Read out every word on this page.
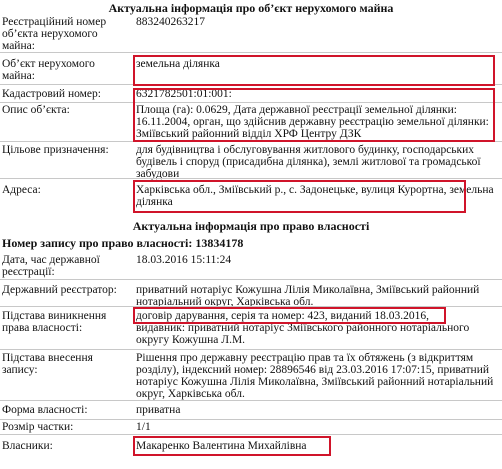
Актуальна інформація про об’єкт нерухомого майна
Реєстраційний номер об’єкта нерухомого майна:
883240263217
Об’єкт нерухомого майна:
земельна ділянка
Кадастровий номер:	6321782501:01:001:
Опис об’єкта:	Площа (га): 0.0629, Дата державної реєстрації земельної ділянки: 16.11.2004, орган, що здійснив державну реєстрацію земельної ділянки: Зміївський районний відділ ХРФ Центру ДЗК
Цільове призначення:	для будівництва і обслуговування житлового будинку, господарських будівель і споруд (присадибна ділянка), землі житлової та громадської забудови
Адреса:	Харківська обл., Зміївський р., с. Задонецьке, вулиця Курортна, земельна ділянка
Актуальна інформація про право власності
Номер запису про право власності: 13834178
Дата, час державної реєстрації:
18.03.2016 15:11:24
Державний реєстратор:	приватний нотаріус Кожушна Лілія Миколаївна, Зміївський районний нотаріальний округ, Харківська обл.
Підстава виникнення права власності:
договір дарування, серія та номер: 423, виданий 18.03.2016,
видавник: приватний нотаріус Зміївського районного нотаріального
округу Кожушна Л.М.
Підстава внесення запису:
Рішення про державну реєстрацію прав та їх обтяжень (з відкриттям розділу), індексний номер: 28896546 від 23.03.2016 17:07:15, приватний нотаріус Кожушна Лілія Миколаївна, Зміївський районний нотаріальний округ, Харківська обл.
Форма власності:	приватна
Розмір частки:	1/1
Власники:	Макаренко Валентина Михайлівна
